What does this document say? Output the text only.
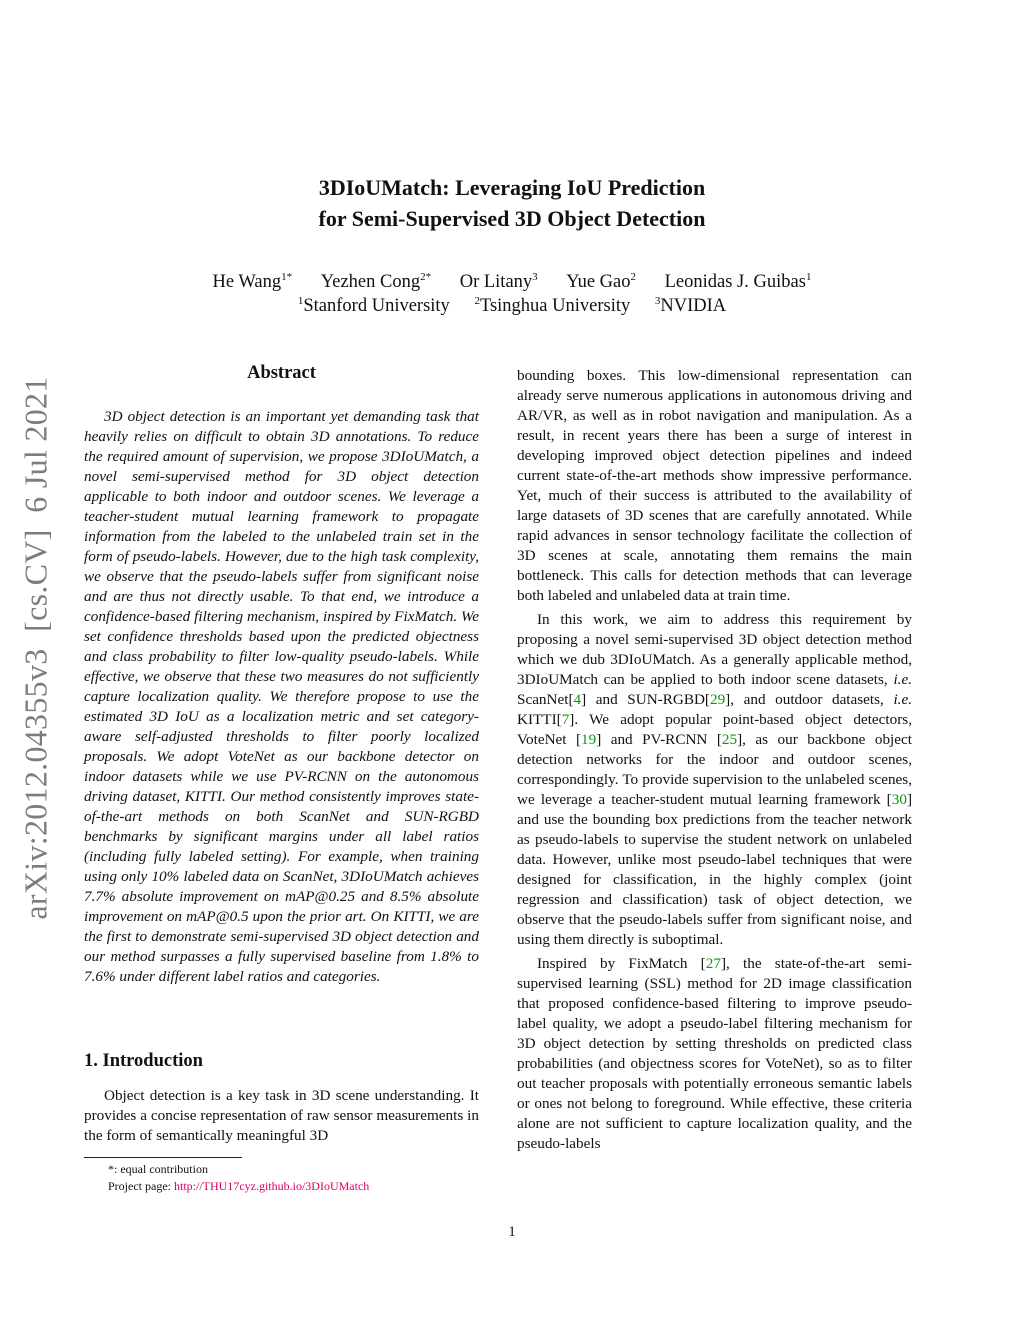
3DIoUMatch: Leveraging IoU Prediction
for Semi-Supervised 3D Object Detection
He Wang$^{1*}$ Yezhen Cong$^{2*}$ Or Litany$^3$ Yue Gao$^2$ Leonidas J. Guibas$^1$
$^1$Stanford University $^2$Tsinghua University $^3$NVIDIA
arXiv:2012.04355v3  [cs.CV]  6 Jul 2021
Abstract

3D object detection is an important yet demanding task that heavily relies on difficult to obtain 3D annotations. To reduce the required amount of supervision, we propose 3DIoUMatch, a novel semi-supervised method for 3D object detection applicable to both indoor and outdoor scenes. We leverage a teacher-student mutual learning framework to propagate information from the labeled to the unlabeled train set in the form of pseudo-labels. However, due to the high task complexity, we observe that the pseudo-labels suffer from significant noise and are thus not directly usable. To that end, we introduce a confidence-based filtering mechanism, inspired by FixMatch. We set confidence thresholds based upon the predicted objectness and class probability to filter low-quality pseudo-labels. While effective, we observe that these two measures do not sufficiently capture localization quality. We therefore propose to use the estimated 3D IoU as a localization metric and set category-aware self-adjusted thresholds to filter poorly localized proposals. We adopt VoteNet as our backbone detector on indoor datasets while we use PV-RCNN on the autonomous driving dataset, KITTI. Our method consistently improves state-of-the-art methods on both ScanNet and SUN-RGBD benchmarks by significant margins under all label ratios (including fully labeled setting). For example, when training using only 10% labeled data on ScanNet, 3DIoUMatch achieves 7.7% absolute improvement on mAP@0.25 and 8.5% absolute improvement on mAP@0.5 upon the prior art. On KITTI, we are the first to demonstrate semi-supervised 3D object detection and our method surpasses a fully supervised baseline from 1.8% to 7.6% under different label ratios and categories.

1. Introduction

Object detection is a key task in 3D scene understanding. It provides a concise representation of raw sensor measurements in the form of semantically meaningful 3D

*: equal contribution
Project page: http://THU17cyz.github.io/3DIoUMatch

bounding boxes. This low-dimensional representation can already serve numerous applications in autonomous driving and AR/VR, as well as in robot navigation and manipulation. As a result, in recent years there has been a surge of interest in developing improved object detection pipelines and indeed current state-of-the-art methods show impressive performance. Yet, much of their success is attributed to the availability of large datasets of 3D scenes that are carefully annotated. While rapid advances in sensor technology facilitate the collection of 3D scenes at scale, annotating them remains the main bottleneck. This calls for detection methods that can leverage both labeled and unlabeled data at train time.

In this work, we aim to address this requirement by proposing a novel semi-supervised 3D object detection method which we dub 3DIoUMatch. As a generally applicable method, 3DIoUMatch can be applied to both indoor scene datasets, i.e. ScanNet[4] and SUN-RGBD[29], and outdoor datasets, i.e. KITTI[7]. We adopt popular point-based object detectors, VoteNet [19] and PV-RCNN [25], as our backbone object detection networks for the indoor and outdoor scenes, correspondingly. To provide supervision to the unlabeled scenes, we leverage a teacher-student mutual learning framework [30] and use the bounding box predictions from the teacher network as pseudo-labels to supervise the student network on unlabeled data. However, unlike most pseudo-label techniques that were designed for classification, in the highly complex (joint regression and classification) task of object detection, we observe that the pseudo-labels suffer from significant noise, and using them directly is suboptimal.

Inspired by FixMatch [27], the state-of-the-art semi-supervised learning (SSL) method for 2D image classification that proposed confidence-based filtering to improve pseudo-label quality, we adopt a pseudo-label filtering mechanism for 3D object detection by setting thresholds on predicted class probabilities (and objectness scores for VoteNet), so as to filter out teacher proposals with potentially erroneous semantic labels or ones not belong to foreground. While effective, these criteria alone are not sufficient to capture localization quality, and the pseudo-labels

1
